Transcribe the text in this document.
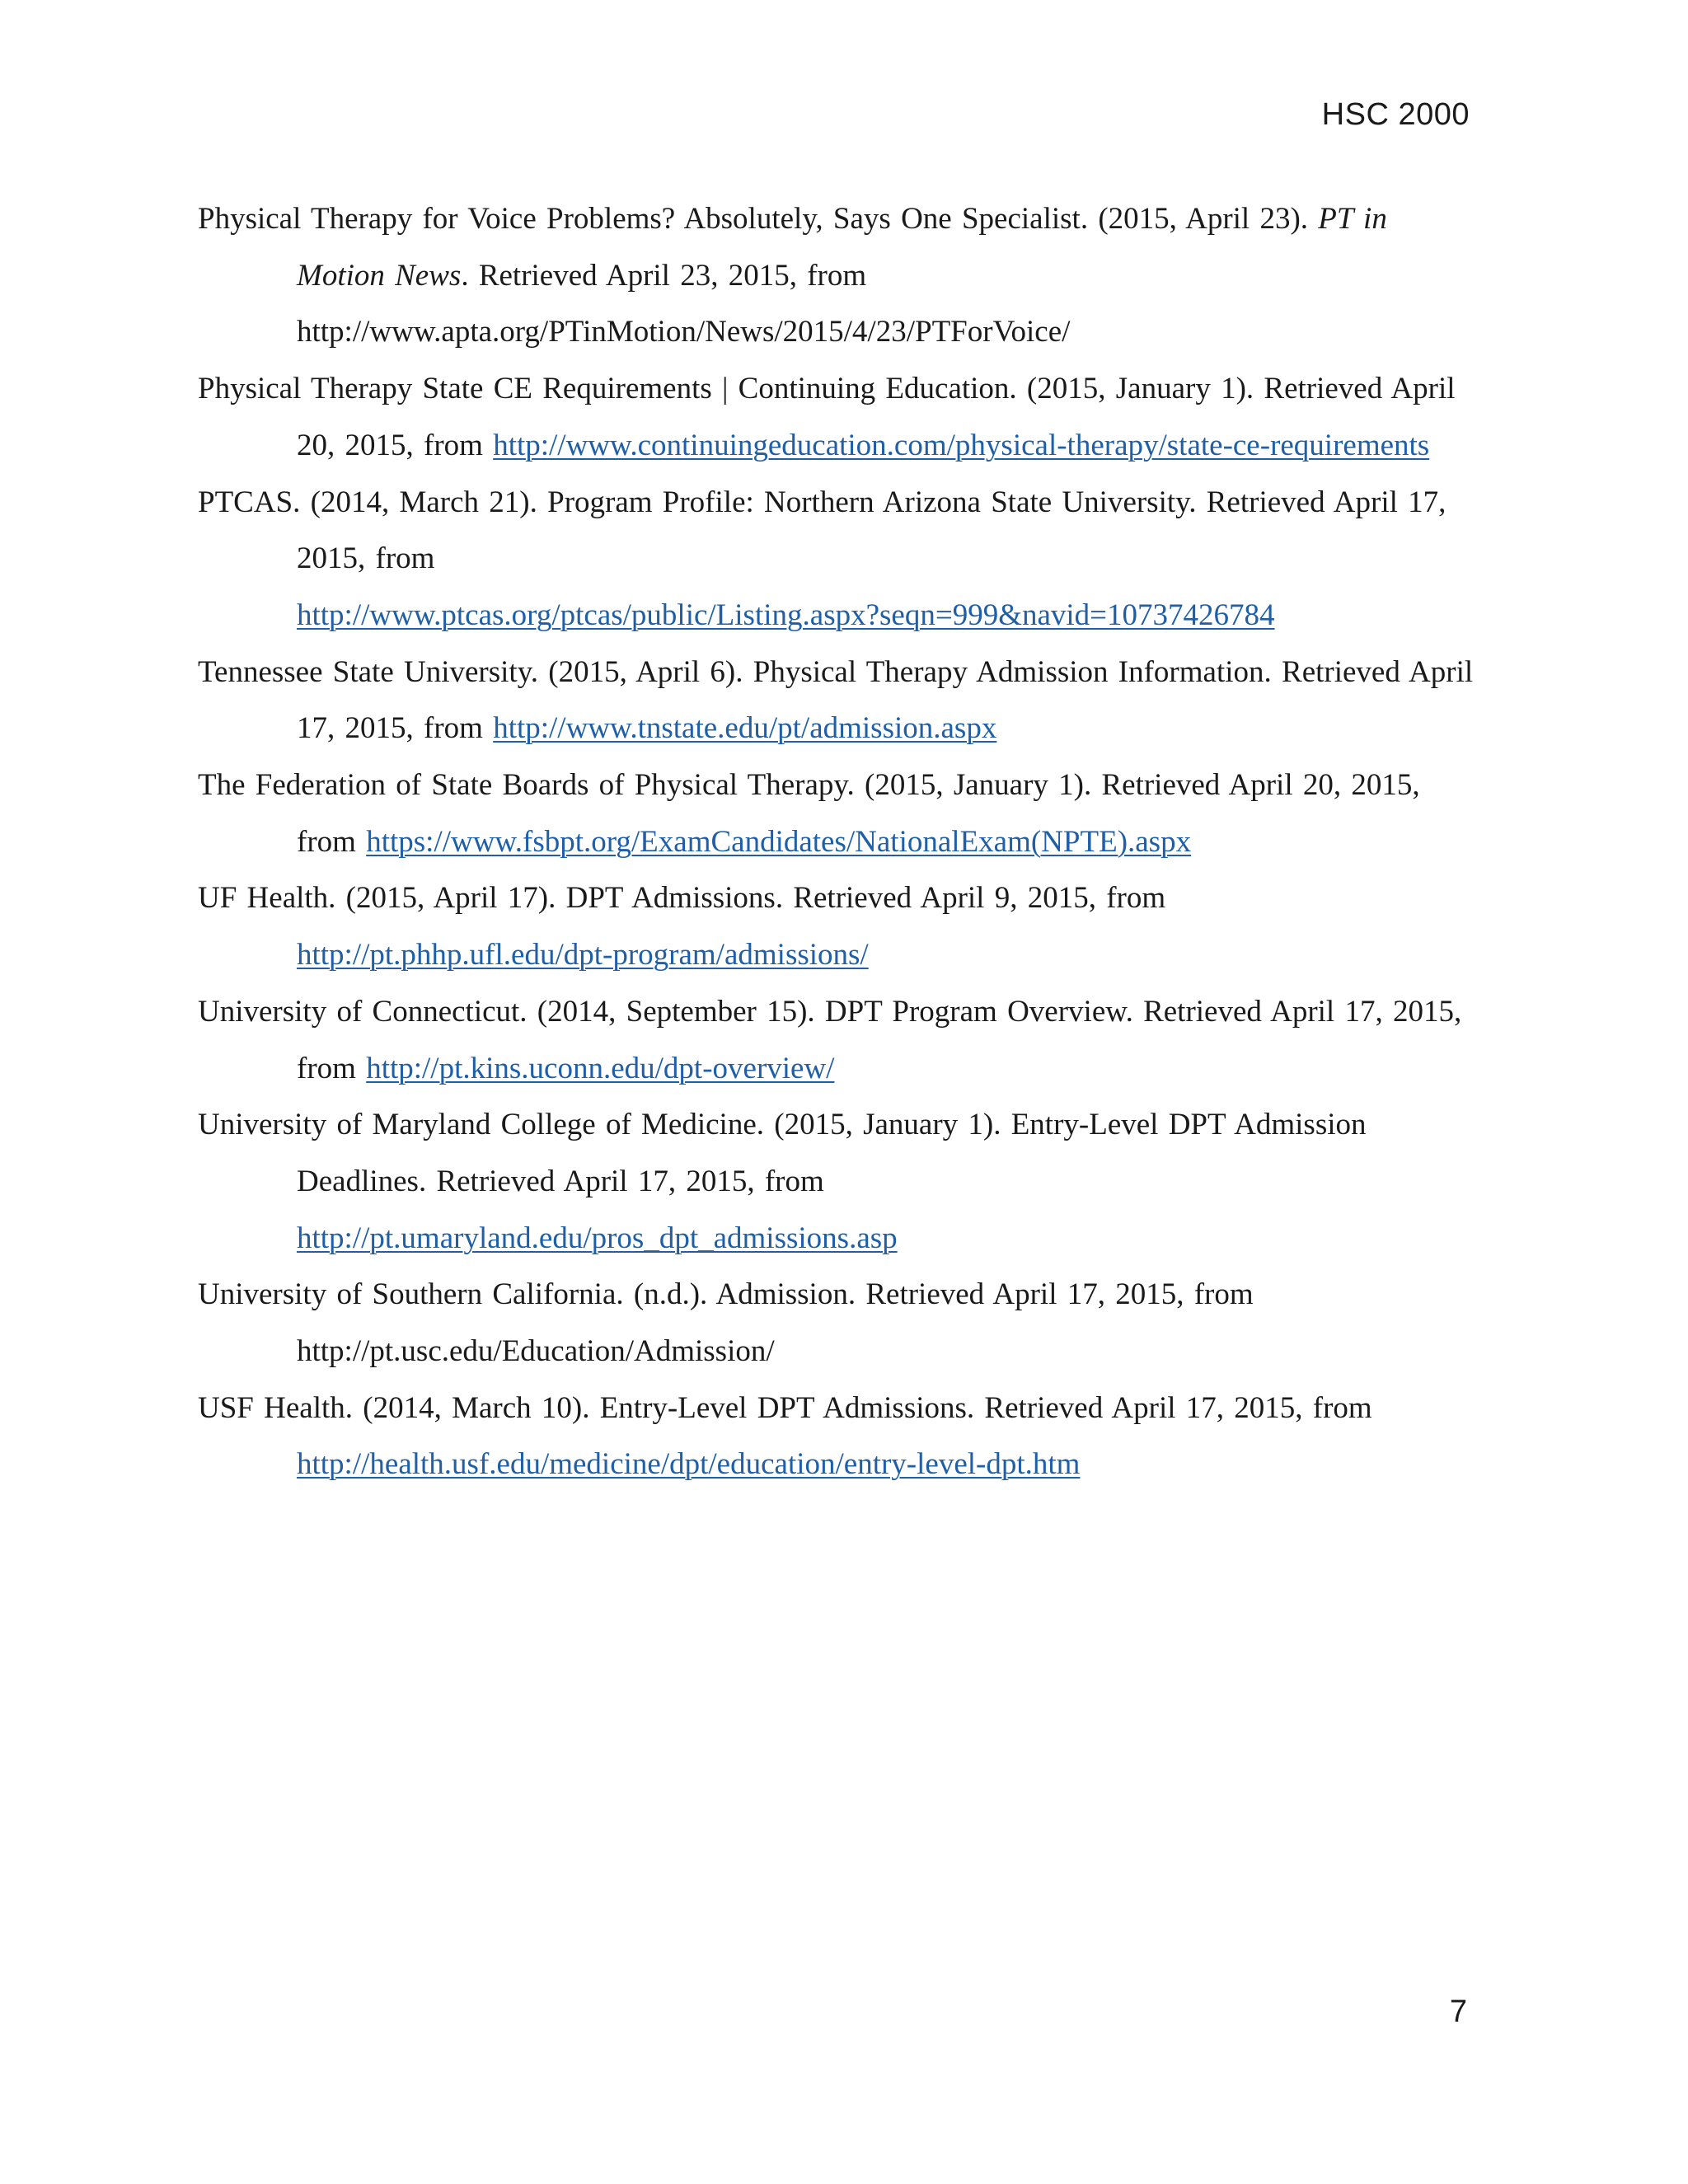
HSC 2000

Physical Therapy for Voice Problems? Absolutely, Says One Specialist. (2015, April 23). PT in Motion News. Retrieved April 23, 2015, from
http://www.apta.org/PTinMotion/News/2015/4/23/PTForVoice/

Physical Therapy State CE Requirements | Continuing Education. (2015, January 1). Retrieved April 20, 2015, from http://www.continuingeducation.com/physical-therapy/state-ce-requirements

PTCAS. (2014, March 21). Program Profile: Northern Arizona State University. Retrieved April 17, 2015, from
http://www.ptcas.org/ptcas/public/Listing.aspx?seqn=999&navid=10737426784

Tennessee State University. (2015, April 6). Physical Therapy Admission Information. Retrieved April 17, 2015, from http://www.tnstate.edu/pt/admission.aspx

The Federation of State Boards of Physical Therapy. (2015, January 1). Retrieved April 20, 2015, from https://www.fsbpt.org/ExamCandidates/NationalExam(NPTE).aspx

UF Health. (2015, April 17). DPT Admissions. Retrieved April 9, 2015, from
http://pt.phhp.ufl.edu/dpt-program/admissions/

University of Connecticut. (2014, September 15). DPT Program Overview. Retrieved April 17, 2015, from http://pt.kins.uconn.edu/dpt-overview/

University of Maryland College of Medicine. (2015, January 1). Entry-Level DPT Admission Deadlines. Retrieved April 17, 2015, from
http://pt.umaryland.edu/pros_dpt_admissions.asp

University of Southern California. (n.d.). Admission. Retrieved April 17, 2015, from
http://pt.usc.edu/Education/Admission/

USF Health. (2014, March 10). Entry-Level DPT Admissions. Retrieved April 17, 2015, from
http://health.usf.edu/medicine/dpt/education/entry-level-dpt.htm

7
